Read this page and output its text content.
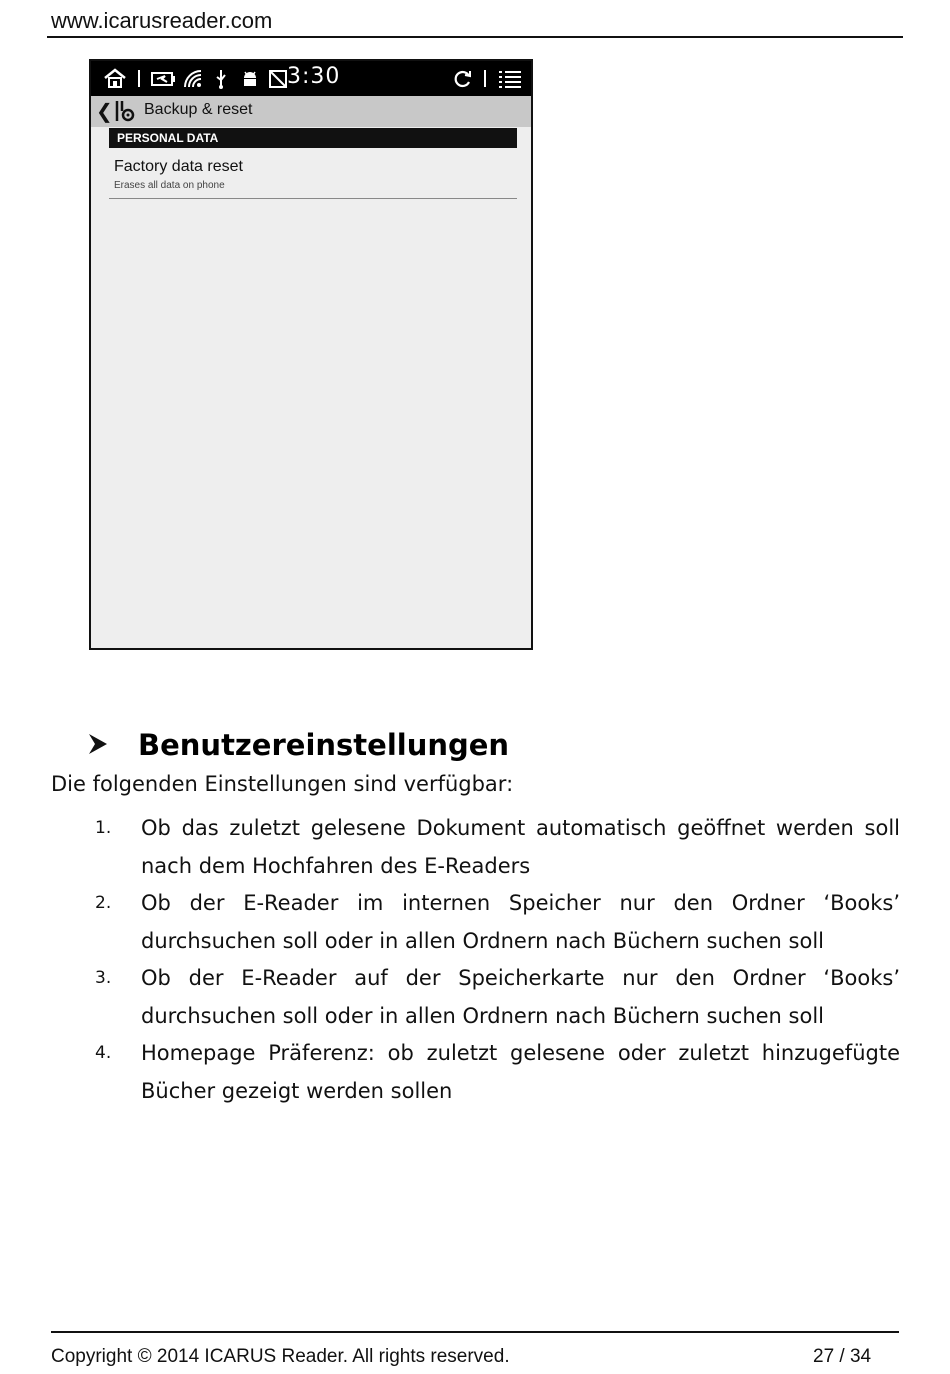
www.icarusreader.com
3:30
❮ Backup & reset
PERSONAL DATA
Factory data reset
Erases all data on phone
Benutzereinstellungen
Die folgenden Einstellungen sind verfügbar:
1. Ob das zuletzt gelesene Dokument automatisch geöffnet werden soll nach dem Hochfahren des E-Readers
2. Ob der E-Reader im internen Speicher nur den Ordner ‘Books’ durchsuchen soll oder in allen Ordnern nach Büchern suchen soll
3. Ob der E-Reader auf der Speicherkarte nur den Ordner ‘Books’ durchsuchen soll oder in allen Ordnern nach Büchern suchen soll
4. Homepage Präferenz: ob zuletzt gelesene oder zuletzt hinzugefügte Bücher gezeigt werden sollen
Copyright © 2014 ICARUS Reader. All rights reserved.	27 / 34
